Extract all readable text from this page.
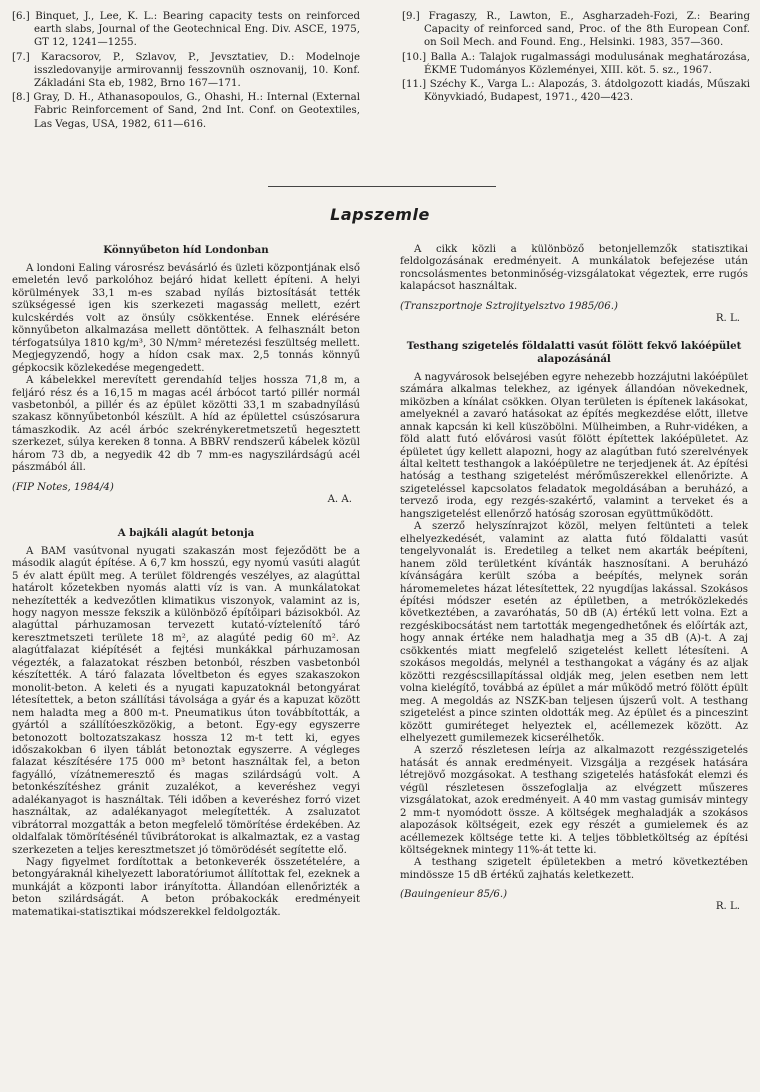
[6.] Binquet, J., Lee, K. L.: Bearing capacity tests on reinforced earth slabs, Journal of the Geotechnical Eng. Div. ASCE, 1975, GT 12, 1241—1255.

[7.] Karacsorov, P., Szlavov, P., Jevsztatiev, D.: Modelnoje isszledovanyije armirovannij fesszovnüh osznovanij, 10. Konf. Základáni Sta eb, 1982, Brno 167—171.

[8.] Gray, D. H., Athanasopoulos, G., Ohashi, H.: Internal (External Fabric Reinforcement of Sand, 2nd Int. Conf. on Geotextiles, Las Vegas, USA, 1982, 611—616.

[9.] Fragaszy, R., Lawton, E., Asgharzadeh-Fozi, Z.: Bearing Capacity of reinforced sand, Proc. of the 8th European Conf. on Soil Mech. and Found. Eng., Helsinki. 1983, 357—360.

[10.] Balla A.: Talajok rugalmassági modulusának meghatározása, ÉKME Tudományos Közleményei, XIII. köt. 5. sz., 1967.

[11.] Széchy K., Varga L.: Alapozás, 3. átdolgozott kiadás, Műszaki Könyvkiadó, Budapest, 1971., 420—423.

Lapszemle
Könnyűbeton híd Londonban

A londoni Ealing városrész bevásárló és üzleti központjának első emeletén levő parkolóhoz bejáró hidat kellett építeni. A helyi körülmények 33,1 m-es szabad nyílás biztosítását tették szükségessé igen kis szerkezeti magasság mellett, ezért kulcskérdés volt az önsúly csökkentése. Ennek elérésére könnyűbeton alkalmazása mellett döntöttek. A felhasznált beton térfogatsúlya 1810 kg/m³, 30 N/mm² méretezési feszültség mellett. Megjegyzendő, hogy a hídon csak max. 2,5 tonnás könnyű gépkocsik közlekedése megengedett.

A kábelekkel merevített gerendahíd teljes hossza 71,8 m, a feljáró rész és a 16,15 m magas acél árbócot tartó pillér normál vasbetonból, a pillér és az épület közötti 33,1 m szabadnyílású szakasz könnyűbetonból készült. A híd az épülettel csúszósarura támaszkodik. Az acél árbóc szekrénykeretmetszetű hegesztett szerkezet, súlya kereken 8 tonna. A BBRV rendszerű kábelek közül három 73 db, a negyedik 42 db 7 mm-es nagyszilárdságú acél pászmából áll.

(FIP Notes, 1984/4)
A. A.
A bajkáli alagút betonja

A BAM vasútvonal nyugati szakaszán most fejeződött be a második alagút építése. A 6,7 km hosszú, egy nyomú vasúti alagút 5 év alatt épült meg. A terület földrengés veszélyes, az alagúttal határolt kőzetekben nyomás alatti víz is van. A munkálatokat nehezítették a kedvezőtlen klimatikus viszonyok, valamint az is, hogy nagyon messze fekszik a különböző építőipari bázisokból. Az alagúttal párhuzamosan tervezett kutató-víztelenítő táró keresztmetszeti területe 18 m², az alagúté pedig 60 m². Az alagútfalazat kiépítését a fejtési munkákkal párhuzamosan végezték, a falazatokat részben betonból, részben vasbetonból készítették. A táró falazata lőveltbeton és egyes szakaszokon monolit-beton. A keleti és a nyugati kapuzatoknál betongyárat létesítettek, a beton szállítási távolsága a gyár és a kapuzat között nem haladta meg a 800 m-t. Pneumatikus úton továbbították, a gyártól a szállítóeszközökig, a betont. Egy-egy egyszerre betonozott boltozatszakasz hossza 12 m-t tett ki, egyes időszakokban 6 ilyen táblát betonoztak egyszerre. A végleges falazat készítésére 175 000 m³ betont használtak fel, a beton fagyálló, vízátnemeresztő és magas szilárdságú volt. A betonkészítéshez gránit zuzalékot, a keveréshez vegyi adalékanyagot is használtak. Téli időben a keveréshez forró vizet használtak, az adalékanyagot melegítették. A zsaluzatot vibrátorral mozgatták a beton megfelelő tömörítése érdekében. Az oldalfalak tömörítésénél tűvibrátorokat is alkalmaztak, ez a vastag szerkezeten a teljes keresztmetszet jó tömörödését segítette elő.

Nagy figyelmet fordítottak a betonkeverék összetételére, a betongyáraknál kihelyezett laboratóriumot állítottak fel, ezeknek a munkáját a központi labor irányította. Állandóan ellenőrizték a beton szilárdságát. A beton próbakockák eredményeit matematikai-statisztikai módszerekkel feldolgozták.

A cikk közli a különböző betonjellemzők statisztikai feldolgozásának eredményeit. A munkálatok befejezése után roncsolásmentes betonminőség-vizsgálatokat végeztek, erre rugós kalapácsot használtak.

(Transzportnoje Sztrojityelsztvo 1985/06.)
R. L.
Testhang szigetelés földalatti vasút fölött fekvő lakóépület alapozásánál

A nagyvárosok belsejében egyre nehezebb hozzájutni lakóépület számára alkalmas telekhez, az igények állandóan növekednek, miközben a kínálat csökken. Olyan területen is építenek lakásokat, amelyeknél a zavaró hatásokat az építés megkezdése előtt, illetve annak kapcsán ki kell küszöbölni. Mülheimben, a Ruhr-vidéken, a föld alatt futó elővárosi vasút fölött építettek lakóépületet. Az épületet úgy kellett alapozni, hogy az alagútban futó szerelvények által keltett testhangok a lakóépületre ne terjedjenek át. Az építési hatóság a testhang szigetelést mérőműszerekkel ellenőrizte. A szigeteléssel kapcsolatos feladatok megoldásában a beruházó, a tervező iroda, egy rezgés-szakértő, valamint a terveket és a hangszigetelést ellenőrző hatóság szorosan együttműködött.

A szerző helyszínrajzot közöl, melyen feltünteti a telek elhelyezkedését, valamint az alatta futó földalatti vasút tengelyvonalát is. Eredetileg a telket nem akarták beépíteni, hanem zöld területként kívánták hasznosítani. A beruházó kívánságára került szóba a beépítés, melynek során háromemeletes házat létesítettek, 22 nyugdíjas lakással. Szokásos építési módszer esetén az épületben, a metróközlekedés következtében, a zavaróhatás, 50 dB (A) értékű lett volna. Ezt a rezgéskibocsátást nem tartották megengedhetőnek és előírták azt, hogy annak értéke nem haladhatja meg a 35 dB (A)-t. A zaj csökkentés miatt megfelelő szigetelést kellett létesíteni. A szokásos megoldás, melynél a testhangokat a vágány és az aljak közötti rezgéscsillapítással oldják meg, jelen esetben nem lett volna kielégítő, továbbá az épület a már működő metró fölött épült meg. A megoldás az NSZK-ban teljesen újszerű volt. A testhang szigetelést a pince szinten oldották meg. Az épület és a pinceszint között gumiréteget helyeztek el, acéllemezek között. Az elhelyezett gumilemezek kicserélhetők.

A szerző részletesen leírja az alkalmazott rezgésszigetelés hatását és annak eredményeit. Vizsgálja a rezgések hatására létrejövő mozgásokat. A testhang szigetelés hatásfokát elemzi és végül részletesen összefoglalja az elvégzett műszeres vizsgálatokat, azok eredményeit. A 40 mm vastag gumisáv mintegy 2 mm-t nyomódott össze. A költségek meghaladják a szokásos alapozások költségeit, ezek egy részét a gumielemek és az acéllemezek költsége tette ki. A teljes többletköltség az építési költségeknek mintegy 11%-át tette ki.

A testhang szigetelt épületekben a metró következtében mindössze 15 dB értékű zajhatás keletkezett.

(Bauingenieur 85/6.)
R. L.
